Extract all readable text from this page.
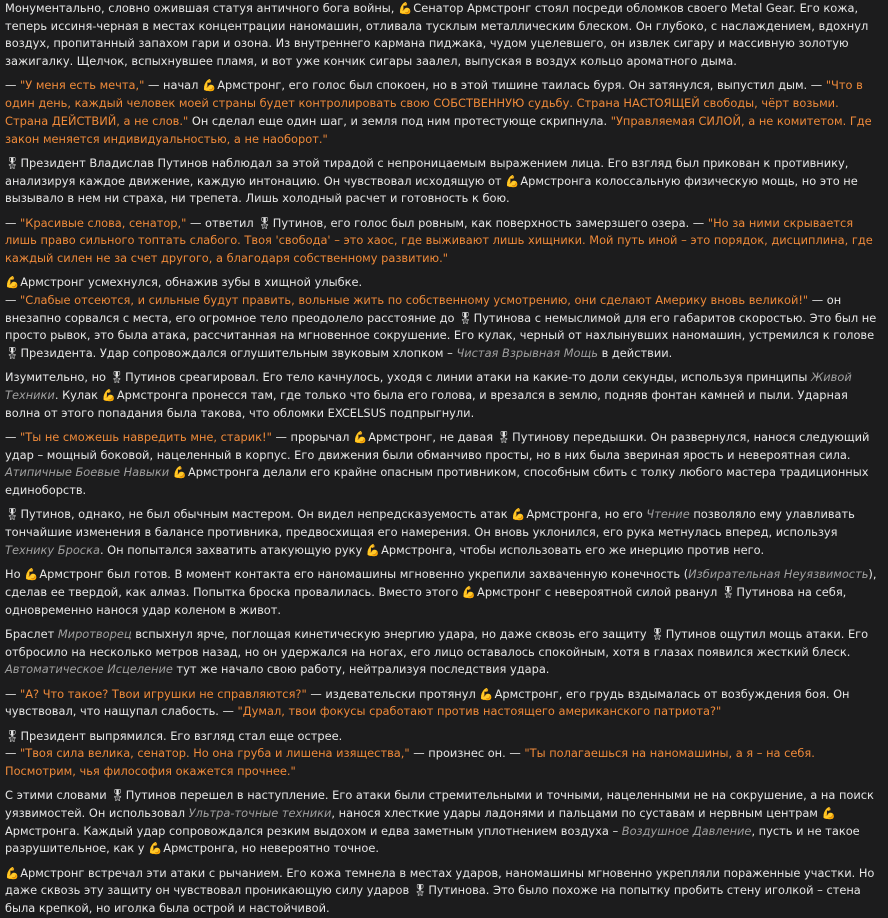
Монументально, словно ожившая статуя античного бога войны, 💪Сенатор Армстронг стоял посреди обломков своего Metal Gear. Его кожа, теперь иссиня-черная в местах концентрации наномашин, отливала тусклым металлическим блеском. Он глубоко, с наслаждением, вдохнул воздух, пропитанный запахом гари и озона. Из внутреннего кармана пиджака, чудом уцелевшего, он извлек сигару и массивную золотую зажигалку. Щелчок, вспыхнувшее пламя, и вот уже кончик сигары заалел, выпуская в воздух кольцо ароматного дыма.
— "У меня есть мечта," — начал 💪Армстронг, его голос был спокоен, но в этой тишине таилась буря. Он затянулся, выпустил дым. — "Что в один день, каждый человек моей страны будет контролировать свою СОБСТВЕННУЮ судьбу. Страна НАСТОЯЩЕЙ свободы, чёрт возьми. Страна ДЕЙСТВИЙ, а не слов." Он сделал еще один шаг, и земля под ним протестующе скрипнула. "Управляемая СИЛОЙ, а не комитетом. Где закон меняется индивидуальностью, а не наоборот."
🎖Президент Владислав Путинов наблюдал за этой тирадой с непроницаемым выражением лица. Его взгляд был прикован к противнику, анализируя каждое движение, каждую интонацию. Он чувствовал исходящую от 💪Армстронга колоссальную физическую мощь, но это не вызывало в нем ни страха, ни трепета. Лишь холодный расчет и готовность к бою.
— "Красивые слова, сенатор," — ответил 🎖Путинов, его голос был ровным, как поверхность замерзшего озера. — "Но за ними скрывается лишь право сильного топтать слабого. Твоя 'свобода' – это хаос, где выживают лишь хищники. Мой путь иной – это порядок, дисциплина, где каждый силен не за счет другого, а благодаря собственному развитию."
💪Армстронг усмехнулся, обнажив зубы в хищной улыбке.
— "Слабые отсеются, и сильные будут править, вольные жить по собственному усмотрению, они сделают Америку вновь великой!" — он внезапно сорвался с места, его огромное тело преодолело расстояние до 🎖Путинова с немыслимой для его габаритов скоростью. Это был не просто рывок, это была атака, рассчитанная на мгновенное сокрушение. Его кулак, черный от нахлынувших наномашин, устремился к голове 🎖Президента. Удар сопровождался оглушительным звуковым хлопком – Чистая Взрывная Мощь в действии.
Изумительно, но 🎖Путинов среагировал. Его тело качнулось, уходя с линии атаки на какие-то доли секунды, используя принципы Живой Техники. Кулак 💪Армстронга пронесся там, где только что была его голова, и врезался в землю, подняв фонтан камней и пыли. Ударная волна от этого попадания была такова, что обломки EXCELSUS подпрыгнули.
— "Ты не сможешь навредить мне, старик!" — прорычал 💪Армстронг, не давая 🎖Путинову передышки. Он развернулся, нанося следующий удар – мощный боковой, нацеленный в корпус. Его движения были обманчиво просты, но в них была звериная ярость и невероятная сила. Атипичные Боевые Навыки 💪Армстронга делали его крайне опасным противником, способным сбить с толку любого мастера традиционных единоборств.
🎖Путинов, однако, не был обычным мастером. Он видел непредсказуемость атак 💪Армстронга, но его Чтение позволяло ему улавливать тончайшие изменения в балансе противника, предвосхищая его намерения. Он вновь уклонился, его рука метнулась вперед, используя Технику Броска. Он попытался захватить атакующую руку 💪Армстронга, чтобы использовать его же инерцию против него.
Но 💪Армстронг был готов. В момент контакта его наномашины мгновенно укрепили захваченную конечность (Избирательная Неуязвимость), сделав ее твердой, как алмаз. Попытка броска провалилась. Вместо этого 💪Армстронг с невероятной силой рванул 🎖Путинова на себя, одновременно нанося удар коленом в живот.
Браслет Миротворец вспыхнул ярче, поглощая кинетическую энергию удара, но даже сквозь его защиту 🎖Путинов ощутил мощь атаки. Его отбросило на несколько метров назад, но он удержался на ногах, его лицо оставалось спокойным, хотя в глазах появился жесткий блеск. Автоматическое Исцеление тут же начало свою работу, нейтрализуя последствия удара.
— "А? Что такое? Твои игрушки не справляются?" — издевательски протянул 💪Армстронг, его грудь вздымалась от возбуждения боя. Он чувствовал, что нащупал слабость. — "Думал, твои фокусы сработают против настоящего американского патриота?"
🎖Президент выпрямился. Его взгляд стал еще острее.
— "Твоя сила велика, сенатор. Но она груба и лишена изящества," — произнес он. — "Ты полагаешься на наномашины, а я – на себя. Посмотрим, чья философия окажется прочнее."
С этими словами 🎖Путинов перешел в наступление. Его атаки были стремительными и точными, нацеленными не на сокрушение, а на поиск уязвимостей. Он использовал Ультра-точные техники, нанося хлесткие удары ладонями и пальцами по суставам и нервным центрам 💪Армстронга. Каждый удар сопровождался резким выдохом и едва заметным уплотнением воздуха – Воздушное Давление, пусть и не такое разрушительное, как у 💪Армстронга, но невероятно точное.
💪Армстронг встречал эти атаки с рычанием. Его кожа темнела в местах ударов, наномашины мгновенно укрепляли пораженные участки. Но даже сквозь эту защиту он чувствовал проникающую силу ударов 🎖Путинова. Это было похоже на попытку пробить стену иголкой – стена была крепкой, но иголка была острой и настойчивой.
